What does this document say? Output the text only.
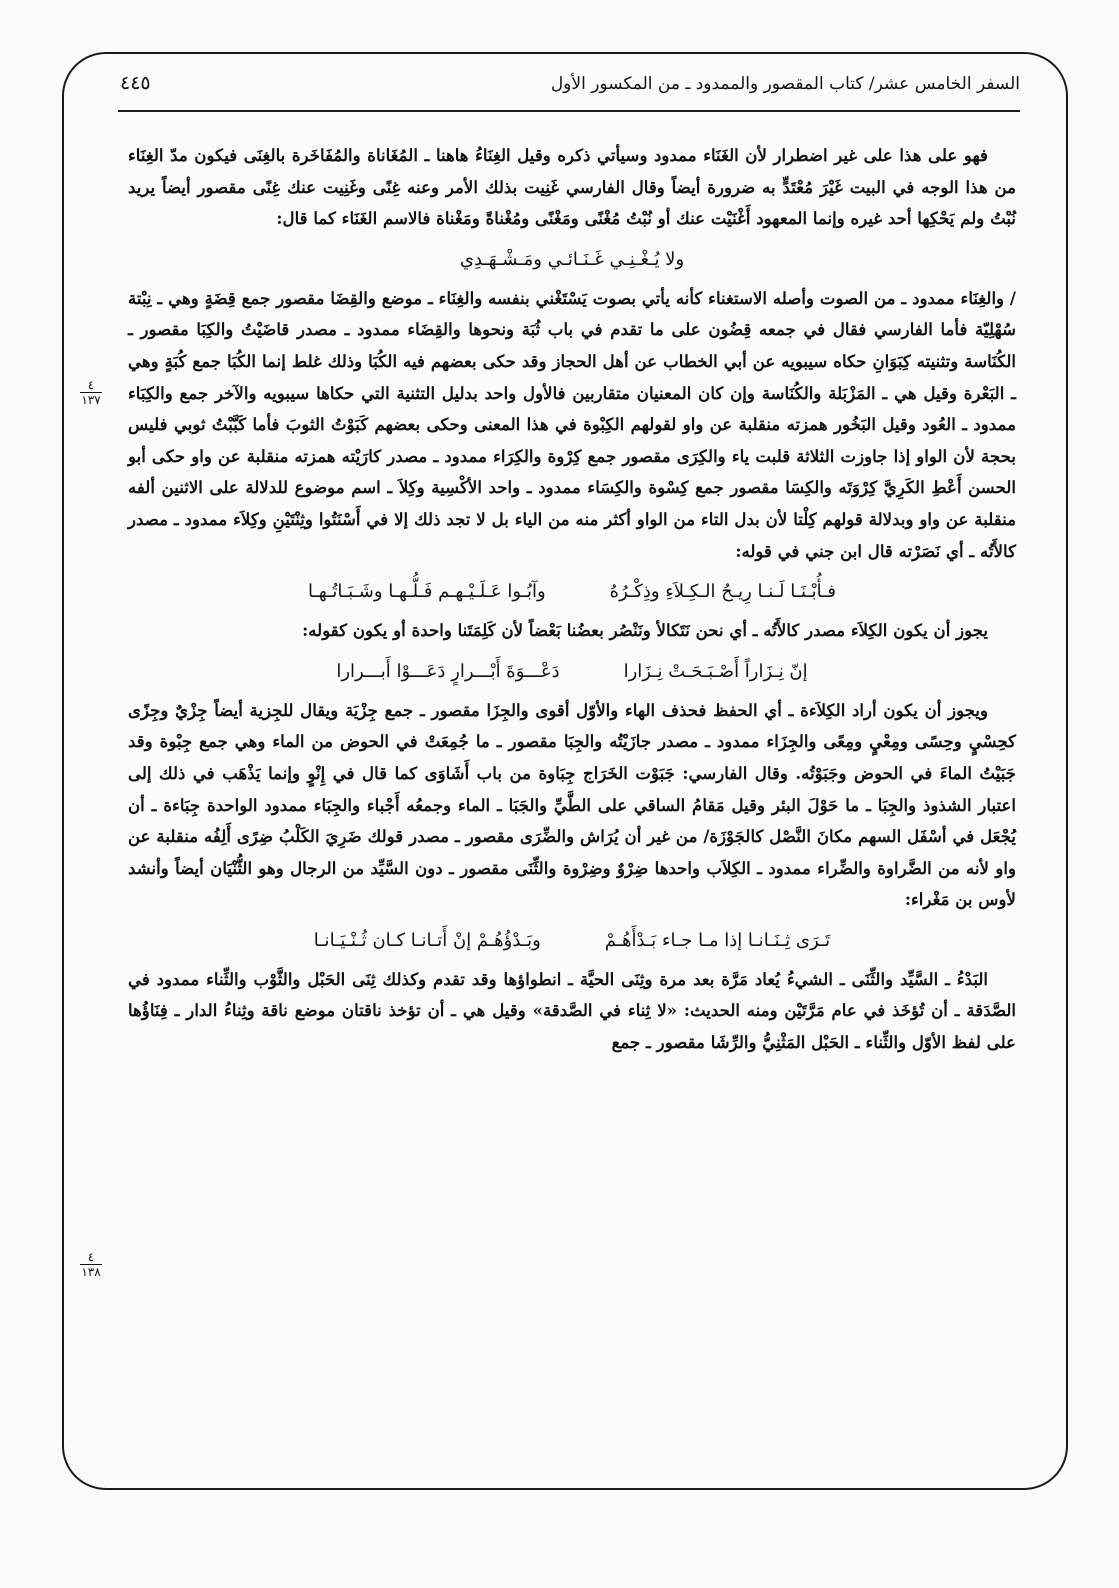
السفر الخامس عشر/ كتاب المقصور والممدود ـ من المكسور الأول
٤٤٥
٤
١٣٧
٤
١٣٨

فهو على هذا على غير اضطرار لأن الغَنَاء ممدود وسيأتي ذكره وقيل الغِنَاءُ هاهنا ـ المُغَاناة والمُفَاخَرة بالغِنَى فيكون مدّ الغِنَاء من هذا الوجه في البيت غَيْرَ مُعْتَدٍّ به ضرورة أيضاً وقال الفارسي غَنِيت بذلك الأمر وعنه غِنًى وغَنِيت عنك غِنًى مقصور أيضاً يريد نُبْتُ ولم يَحْكِها أحد غيره وإنما المعهود أَغْنَيْت عنك أو نُبْتُ مُغْنًى ومَغْنًى ومُغْناةً ومَغْناة فالاسم الغَنَاء كما قال:

ولا يُـغْـنِـي غَـنَـائـي ومَـشْـهَـدِي

/ والغِنَاء ممدود ـ من الصوت وأصله الاستغناء كأنه يأتي بصوت يَسْتَغْني بنفسه والغِنَاء ـ موضع والقِضَا مقصور جمع قِضَةٍ وهي ـ نِبْتة سُهْلِيّة فأما الفارسي فقال في جمعه قِضُون على ما تقدم في باب ثُبَة ونحوها والقِضَاء ممدود ـ مصدر قاضَيْتُ والكِبَا مقصور ـ الكُنَاسة وتثنيته كِبَوَانِ حكاه سيبويه عن أبي الخطاب عن أهل الحجاز وقد حكى بعضهم فيه الكُبَا وذلك غلط إنما الكُبَا جمع كُبَةٍ وهي ـ البَعْرة وقيل هي ـ المَزْبَلة والكُنَاسة وإن كان المعنيان متقاربين فالأول واحد بدليل التثنية التي حكاها سيبويه والآخر جمع والكِبَاء ممدود ـ العُود وقيل البَخُور همزته منقلبة عن واو لقولهم الكِبْوة في هذا المعنى وحكى بعضهم كَبَوْتُ الثوبَ فأما كَبَّبْتُ ثوبي فليس بحجة لأن الواو إذا جاوزت الثلاثة قلبت ياء والكِرَى مقصور جمع كِرْوة والكِرَاء ممدود ـ مصدر كارَيْته همزته منقلبة عن واو حكى أبو الحسن أَعْطِ الكَرِيَّ كِرْوَتَه والكِسَا مقصور جمع كِسْوة والكِسَاء ممدود ـ واحد الأكْسِية وكِلاَ ـ اسم موضوع للدلالة على الاثنين ألفه منقلبة عن واو وبدلالة قولهم كِلْتا لأن بدل التاء من الواو أكثر منه من الياء بل لا تجد ذلك إلا في أَسْنَتُوا وثِنْتَيْنِ وكِلاَء ممدود ـ مصدر كالأَتُه ـ أي نَصَرْته قال ابن جني في قوله:

فـأُبْـنَـا لَـنـا رِيـحُ الـكِـلاَءِ وذِكْـرُهُ
وآبُـوا عَـلَـيْـهـم فَـلُّـهـا وشَـبَـاتُـهـا

يجوز أن يكون الكِلاَء مصدر كالأَتُه ـ أي نحن نَتَكالأ ونَنْصُر بعضُنا بَعْضاً لأن كَلِمَتَنا واحدة أو يكون كقوله:

إنّ نِـزَاراً أَصْـبَـحَـتْ نِـزَارا
دَعْـــوَةَ أَبْـــرارٍ دَعَـــوْا أَبـــرارا

ويجوز أن يكون أراد الكِلاَءة ـ أي الحفظ فحذف الهاء والأوّل أقوى والجِزَا مقصور ـ جمع جِزْيَة ويقال للجِزية أيضاً جِزْيٌ وجِزًى كحِسْيٍ وحِسًى ومِعْيٍ ومِعًى والجِزَاء ممدود ـ مصدر جازَيْتُه والجِبَا مقصور ـ ما جُمِعَتْ في الحوض من الماء وهي جمع جِبْوة وقد جَبَيْتُ الماءَ في الحوض وجَبَوْتُه. وقال الفارسي: جَبَوْت الخَرَاج جِبَاوة من باب أَشَاوَى كما قال في إِنْوٍ وإنما يَذْهَب في ذلك إلى اعتبار الشذوذ والجِبَا ـ ما حَوْلَ البئر وقيل مَقامُ الساقي على الطَّيِّ والجَبَا ـ الماء وجمعُه أَجْباء والجِبَاء ممدود الواحدة جِبَاءة ـ أن يُجْعَل في أسْفَل السهم مكانَ النَّصْل كالجَوْزَة/ من غير أن يُرَاش والضِّرَى مقصور ـ مصدر قولك ضَرِيَ الكَلْبُ ضِرًى أَلِفُه منقلبة عن واو لأنه من الضَّراوة والضِّراء ممدود ـ الكِلاَب واحدها ضِرْوٌ وضِرْوة والثِّنَى مقصور ـ دون السَّيِّد من الرجال وهو الثُّنْيَان أيضاً وأنشد لأوس بن مَغْراء:

تَـرَى ثِـنَـانـا إذا مـا جـاء بَـدْأَهُـمْ
وبَـدْؤُهُـمْ إنْ أَتـانـا كـان ثُـنْـيَـانـا

البَدْءُ ـ السَّيِّد والثِّنَى ـ الشيءُ يُعاد مَرَّة بعد مرة وثِنَى الحيَّة ـ انطواؤها وقد تقدم وكذلك ثِنَى الحَبْل والثَّوْب والثِّناء ممدود في الصَّدَقة ـ أن تُؤخَذ في عام مَرَّتَيْن ومنه الحديث: «لا ثِناء في الصَّدقة» وقيل هي ـ أن تؤخذ ناقتان موضع ناقة وثِناءُ الدار ـ فِنَاؤُها على لفظ الأوّل والثِّناء ـ الحَبْل المَثْنِيُّ والرِّشَا مقصور ـ جمع
